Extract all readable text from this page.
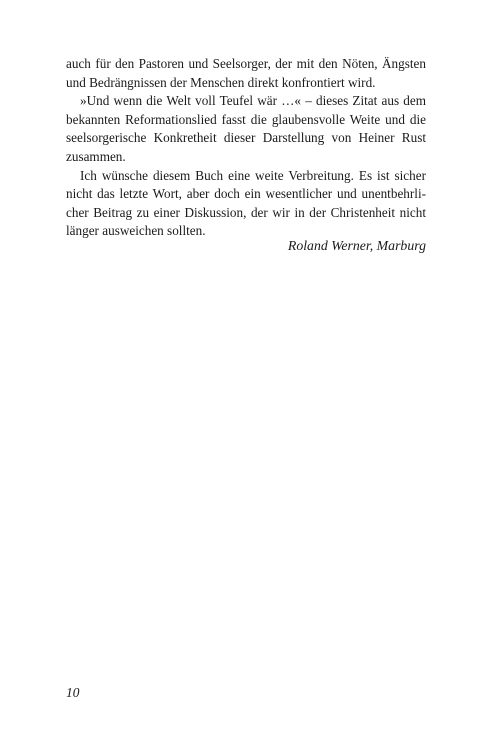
auch für den Pastoren und Seelsorger, der mit den Nöten, Ängsten
und Bedrängnissen der Menschen direkt konfrontiert wird.
»Und wenn die Welt voll Teufel wär …« – dieses Zitat aus dem
bekannten Reformationslied fasst die glaubensvolle Weite und die
seelsorgerische Konkretheit dieser Darstellung von Heiner Rust
zusammen.
Ich wünsche diesem Buch eine weite Verbreitung. Es ist sicher
nicht das letzte Wort, aber doch ein wesentlicher und unentbehrli-
cher Beitrag zu einer Diskussion, der wir in der Christenheit nicht
länger ausweichen sollten.
Roland Werner, Marburg
10
